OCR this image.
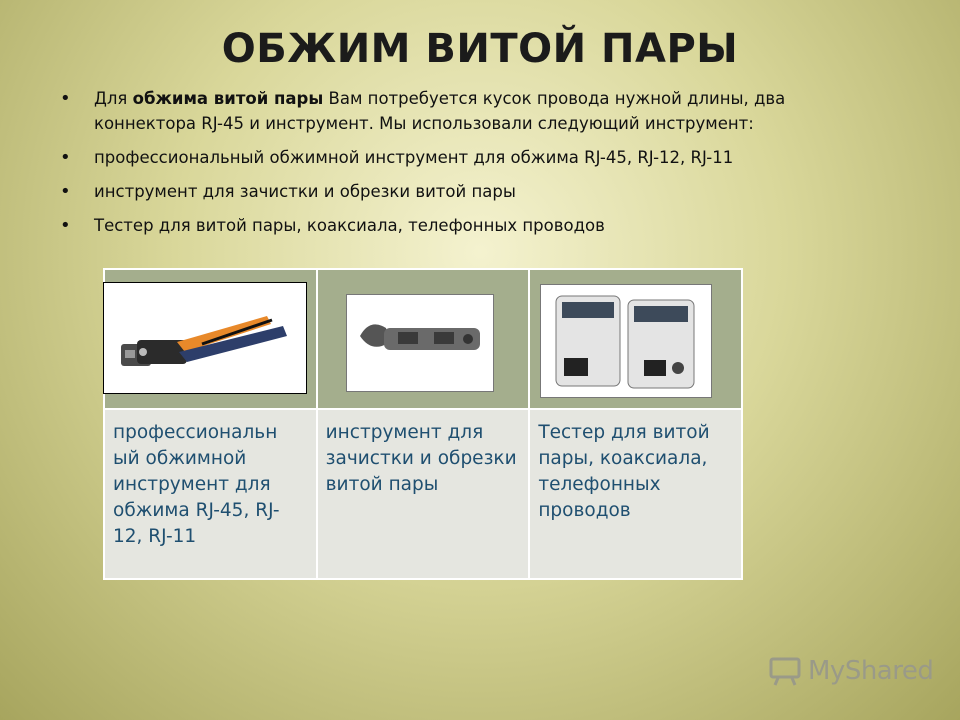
ОБЖИМ ВИТОЙ ПАРЫ
• Для обжима витой пары Вам потребуется кусок провода нужной длины, два коннектора RJ-45 и инструмент. Мы использовали следующий инструмент:
• профессиональный обжимной инструмент для обжима RJ-45, RJ-12, RJ-11
• инструмент для зачистки и обрезки витой пары
• Тестер для витой пары, коаксиала, телефонных проводов

профессиональн ый обжимной инструмент для обжима RJ-45, RJ-12, RJ-11	инструмент для зачистки и обрезки витой пары	Тестер для витой пары, коаксиала, телефонных проводов
MyShared
